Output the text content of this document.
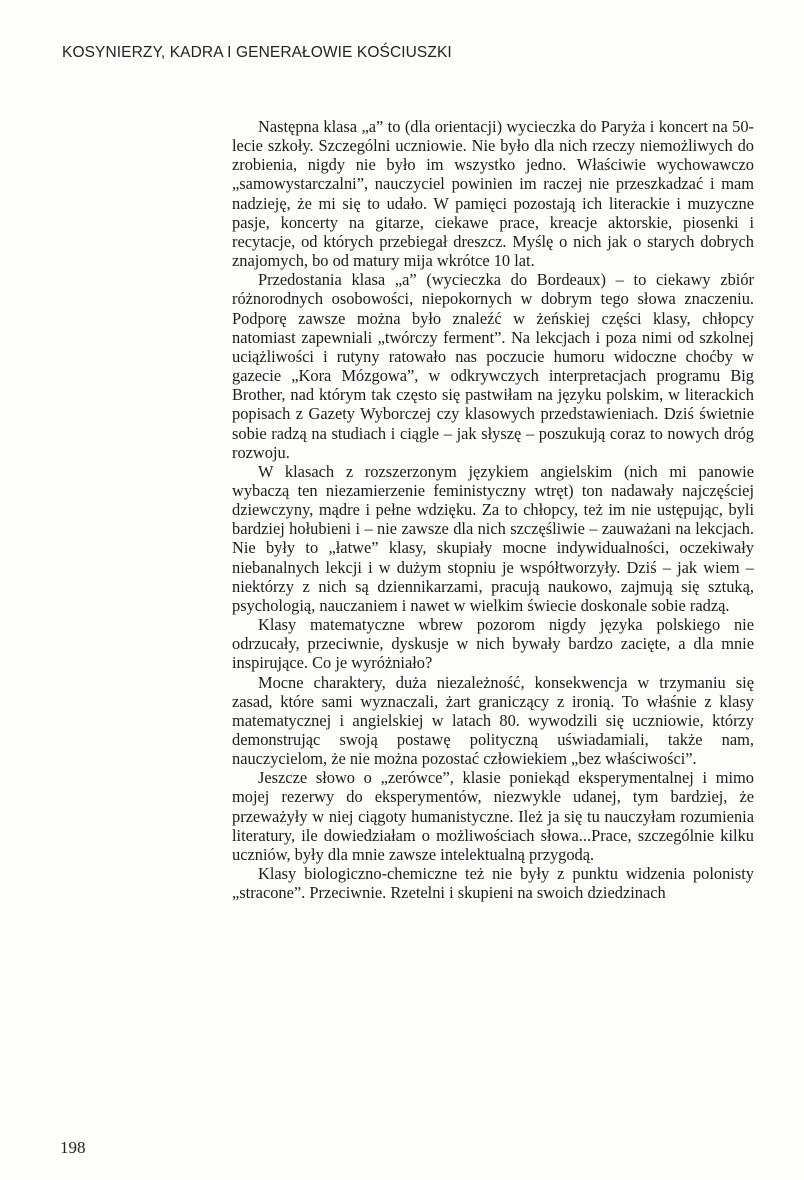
KOSYNIERZY, KADRA I GENERAŁOWIE KOŚCIUSZKI

Następna klasa „a” to (dla orientacji) wycieczka do Paryża i koncert na 50-lecie szkoły. Szczególni uczniowie. Nie było dla nich rzeczy niemożliwych do zrobienia, nigdy nie było im wszystko jedno. Właściwie wychowawczo „samowystarczalni”, nauczyciel powinien im raczej nie przeszkadzać i mam nadzieję, że mi się to udało. W pamięci pozostają ich literackie i muzyczne pasje, koncerty na gitarze, ciekawe prace, kreacje aktorskie, piosenki i recytacje, od których przebiegał dreszcz. Myślę o nich jak o starych dobrych znajomych, bo od matury mija wkrótce 10 lat.

Przedostania klasa „a” (wycieczka do Bordeaux) – to ciekawy zbiór różnorodnych osobowości, niepokornych w dobrym tego słowa znaczeniu. Podporę zawsze można było znaleźć w żeńskiej części klasy, chłopcy natomiast zapewniali „twórczy ferment”. Na lekcjach i poza nimi od szkolnej uciążliwości i rutyny ratowało nas poczucie humoru widoczne choćby w gazecie „Kora Mózgowa”, w odkrywczych interpretacjach programu Big Brother, nad którym tak często się pastwiłam na języku polskim, w literackich popisach z Gazety Wyborczej czy klasowych przedstawieniach. Dziś świetnie sobie radzą na studiach i ciągle – jak słyszę – poszukują coraz to nowych dróg rozwoju.

W klasach z rozszerzonym językiem angielskim (nich mi panowie wybaczą ten niezamierzenie feministyczny wtręt) ton nadawały najczęściej dziewczyny, mądre i pełne wdzięku. Za to chłopcy, też im nie ustępując, byli bardziej hołubieni i – nie zawsze dla nich szczęśliwie – zauważani na lekcjach. Nie były to „łatwe” klasy, skupiały mocne indywidualności, oczekiwały niebanalnych lekcji i w dużym stopniu je współtworzyły. Dziś – jak wiem – niektórzy z nich są dziennikarzami, pracują naukowo, zajmują się sztuką, psychologią, nauczaniem i nawet w wielkim świecie doskonale sobie radzą.

Klasy matematyczne wbrew pozorom nigdy języka polskiego nie odrzucały, przeciwnie, dyskusje w nich bywały bardzo zacięte, a dla mnie inspirujące. Co je wyróżniało?

Mocne charaktery, duża niezależność, konsekwencja w trzymaniu się zasad, które sami wyznaczali, żart graniczący z ironią. To właśnie z klasy matematycznej i angielskiej w latach 80. wywodzili się uczniowie, którzy demonstrując swoją postawę polityczną uświadamiali, także nam, nauczycielom, że nie można pozostać człowiekiem „bez właściwości”.

Jeszcze słowo o „zerówce”, klasie poniekąd eksperymentalnej i mimo mojej rezerwy do eksperymentów, niezwykle udanej, tym bardziej, że przeważyły w niej ciągoty humanistyczne. Ileż ja się tu nauczyłam rozumienia literatury, ile dowiedziałam o możliwościach słowa...Prace, szczególnie kilku uczniów, były dla mnie zawsze intelektualną przygodą.

Klasy biologiczno-chemiczne też nie były z punktu widzenia polonisty „stracone”. Przeciwnie. Rzetelni i skupieni na swoich dziedzinach

198
